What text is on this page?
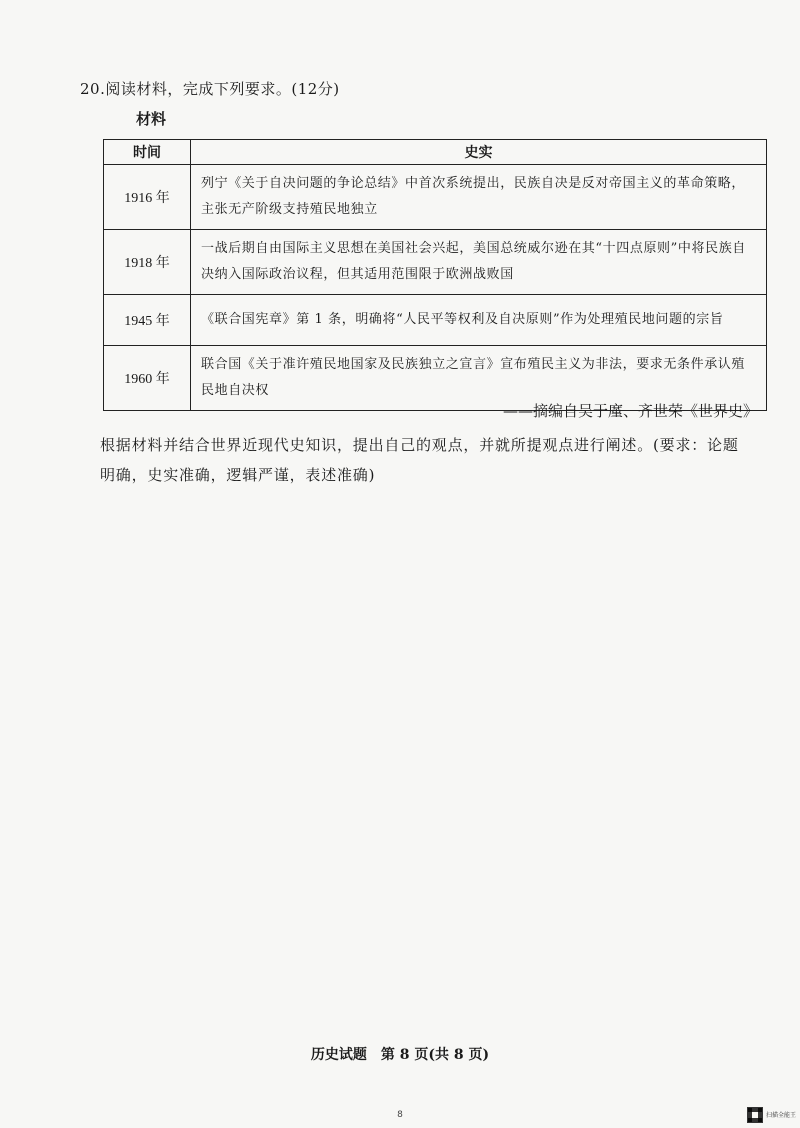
20.阅读材料，完成下列要求。(12分)
材料
时间	史实
1916 年	列宁《关于自决问题的争论总结》中首次系统提出，民族自决是反对帝国主义的革命策略，主张无产阶级支持殖民地独立
1918 年	一战后期自由国际主义思想在美国社会兴起，美国总统威尔逊在其“十四点原则”中将民族自决纳入国际政治议程，但其适用范围限于欧洲战败国
1945 年	《联合国宪章》第 1 条，明确将“人民平等权利及自决原则”作为处理殖民地问题的宗旨
1960 年	联合国《关于准许殖民地国家及民族独立之宣言》宣布殖民主义为非法，要求无条件承认殖民地自决权
——摘编自吴于廑、齐世荣《世界史》
根据材料并结合世界近现代史知识，提出自己的观点，并就所提观点进行阐述。(要求：论题明确，史实准确，逻辑严谨，表述准确)
历史试题　第 8 页(共 8 页)
8	扫描全能王
